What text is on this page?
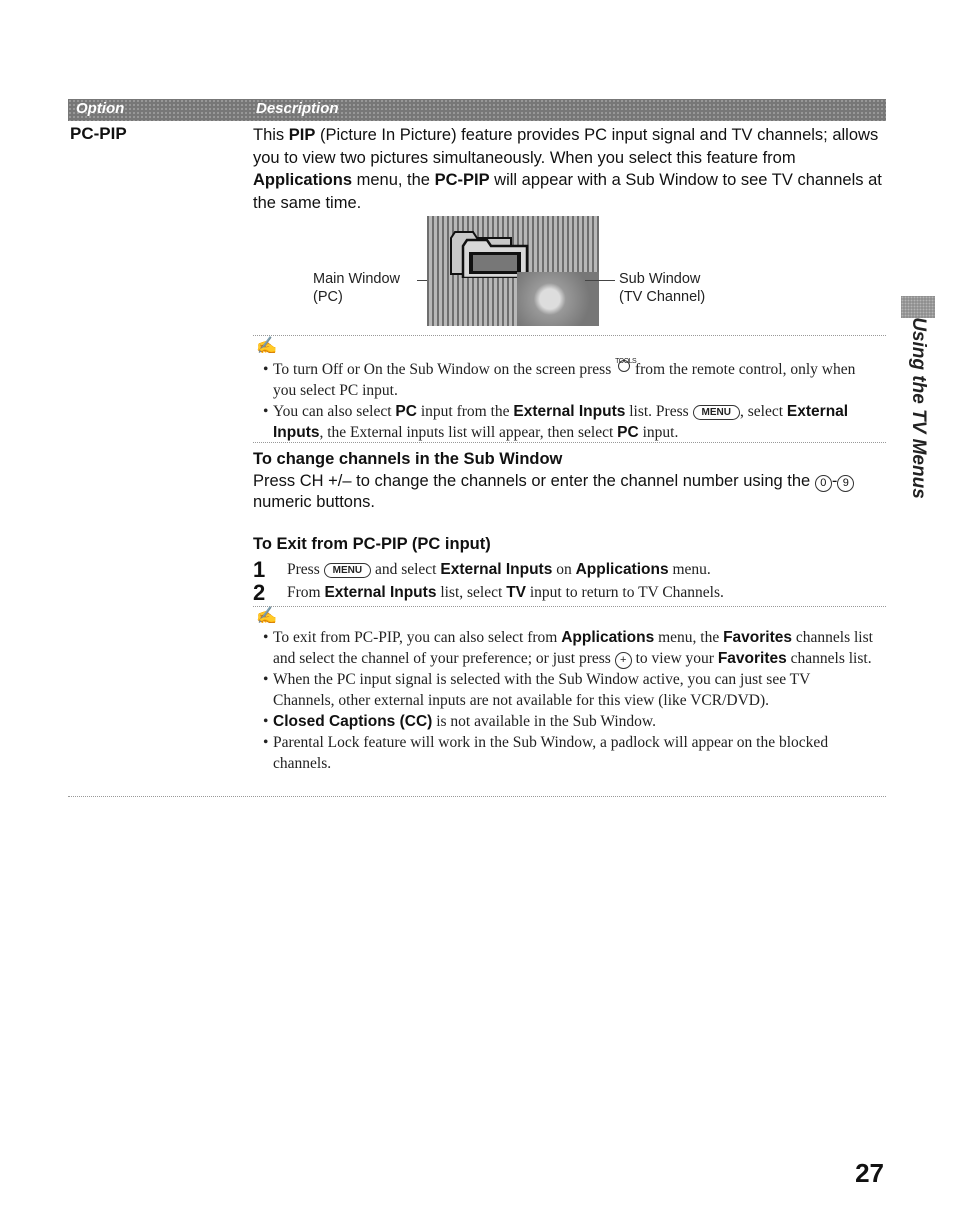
Option	Description
PC-PIP	This PIP (Picture In Picture) feature provides PC input signal and TV channels; allows you to view two pictures simultaneously. When you select this feature from Applications menu, the PC-PIP will appear with a Sub Window to see TV channels at the same time.
Main Window
(PC)
Sub Window
(TV Channel)
✍
• To turn Off or On the Sub Window on the screen press TOOLS
from the remote control, only when you select PC input.
• You can also select PC input from the External Inputs list. Press MENU , select External Inputs, the External inputs list will appear, then select PC input.
To change channels in the Sub Window
Press CH +/– to change the channels or enter the channel number using the 0 - 9 numeric buttons.
To Exit from PC-PIP (PC input)
1 Press MENU and select External Inputs on Applications menu.
2 From External Inputs list, select TV input to return to TV Channels.
✍
• To exit from PC-PIP, you can also select from Applications menu, the Favorites channels list and select the channel of your preference; or just press + to view your Favorites channels list.
• When the PC input signal is selected with the Sub Window active, you can just see TV Channels, other external inputs are not available for this view (like VCR/DVD).
• Closed Captions (CC) is not available in the Sub Window.
• Parental Lock feature will work in the Sub Window, a padlock will appear on the blocked channels.
Using the TV Menus
27
